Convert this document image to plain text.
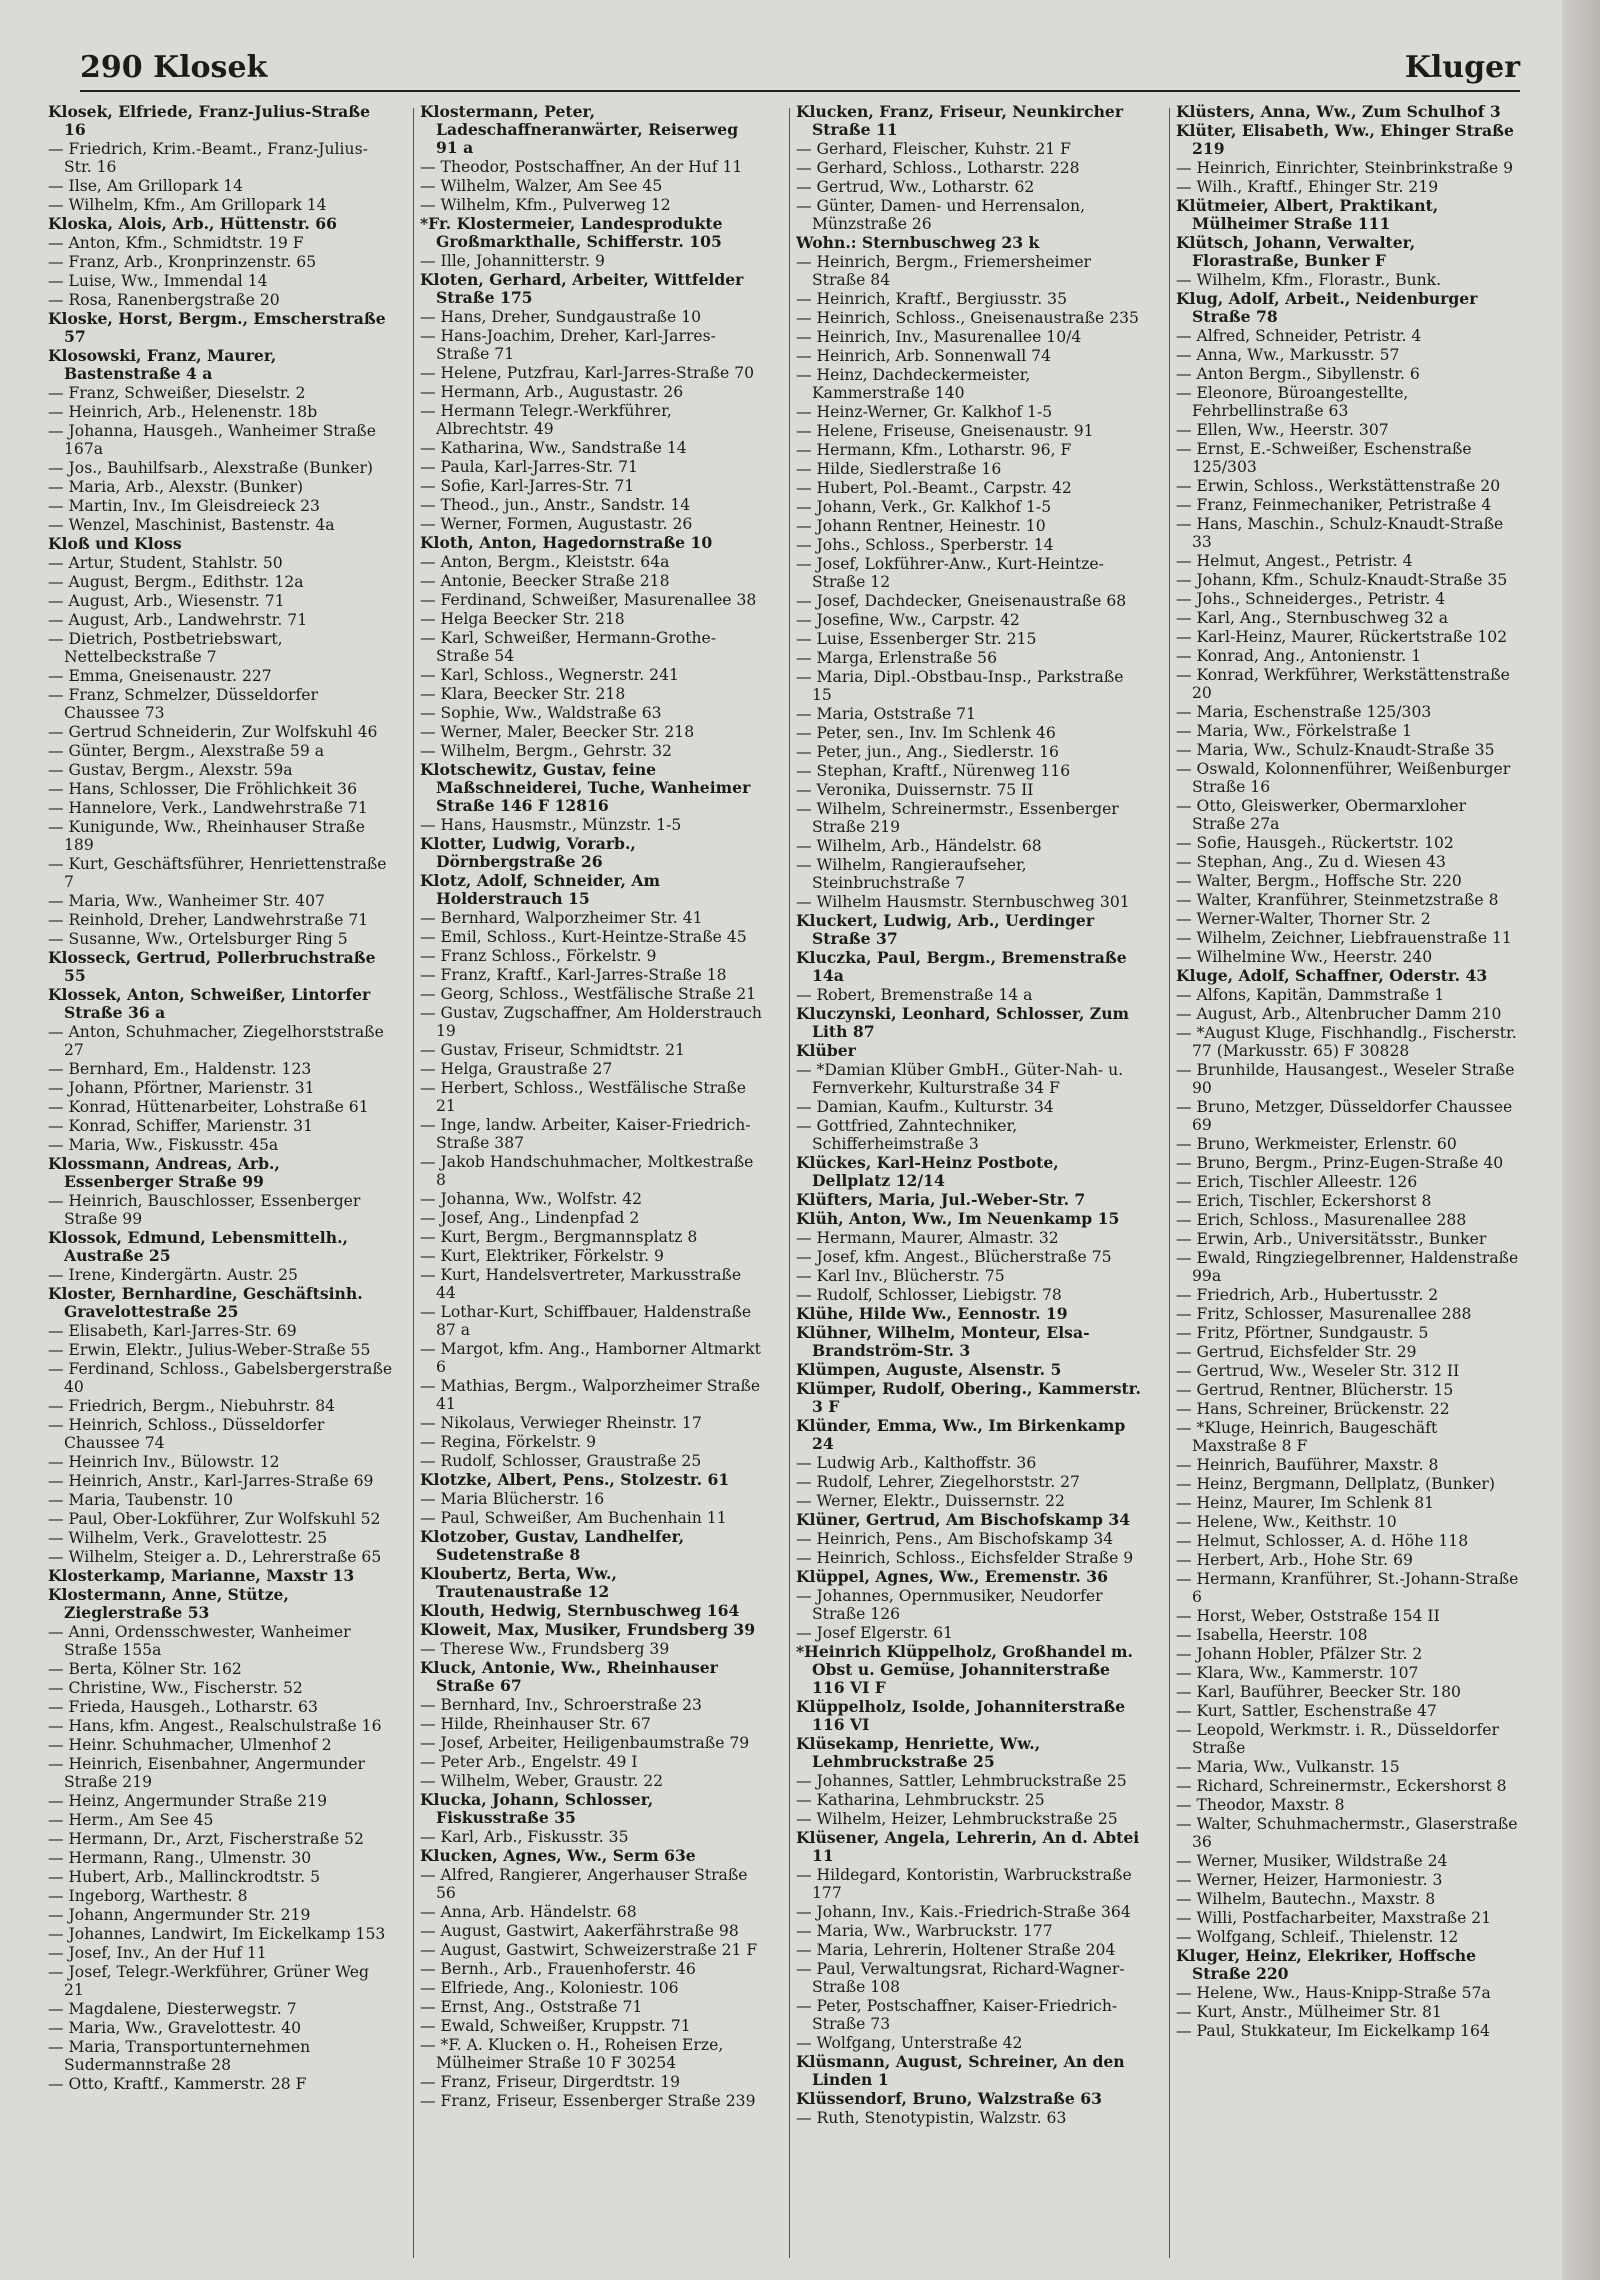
290 Klosek	Kluger
Klosek, Elfriede, Franz-Julius-Straße 16
— Friedrich, Krim.-Beamt., Franz-Julius-Str. 16
— Ilse, Am Grillopark 14
— Wilhelm, Kfm., Am Grillopark 14
Kloska, Alois, Arb., Hüttenstr. 66
— Anton, Kfm., Schmidtstr. 19 F
— Franz, Arb., Kronprinzenstr. 65
— Luise, Ww., Immendal 14
— Rosa, Ranenbergstraße 20
Kloske, Horst, Bergm., Emscherstraße 57
Klosowski, Franz, Maurer, Bastenstraße 4 a
— Franz, Schweißer, Dieselstr. 2
— Heinrich, Arb., Helenenstr. 18b
— Johanna, Hausgeh., Wanheimer Straße 167a
— Jos., Bauhilfsarb., Alexstraße (Bunker)
— Maria, Arb., Alexstr. (Bunker)
— Martin, Inv., Im Gleisdreieck 23
— Wenzel, Maschinist, Bastenstr. 4a
Kloß und Kloss
— Artur, Student, Stahlstr. 50
— August, Bergm., Edithstr. 12a
— August, Arb., Wiesenstr. 71
— August, Arb., Landwehrstr. 71
— Dietrich, Postbetriebswart, Nettelbeckstraße 7
— Emma, Gneisenaustr. 227
— Franz, Schmelzer, Düsseldorfer Chaussee 73
— Gertrud Schneiderin, Zur Wolfskuhl 46
— Günter, Bergm., Alexstraße 59 a
— Gustav, Bergm., Alexstr. 59a
— Hans, Schlosser, Die Fröhlichkeit 36
— Hannelore, Verk., Landwehrstraße 71
— Kunigunde, Ww., Rheinhauser Straße 189
— Kurt, Geschäftsführer, Henriettenstraße 7
— Maria, Ww., Wanheimer Str. 407
— Reinhold, Dreher, Landwehrstraße 71
— Susanne, Ww., Ortelsburger Ring 5
Klosseck, Gertrud, Pollerbruchstraße 55
Klossek, Anton, Schweißer, Lintorfer Straße 36 a
— Anton, Schuhmacher, Ziegelhorststraße 27
— Bernhard, Em., Haldenstr. 123
— Johann, Pförtner, Marienstr. 31
— Konrad, Hüttenarbeiter, Lohstraße 61
— Konrad, Schiffer, Marienstr. 31
— Maria, Ww., Fiskusstr. 45a
Klossmann, Andreas, Arb., Essenberger Straße 99
— Heinrich, Bauschlosser, Essenberger Straße 99
Klossok, Edmund, Lebensmittelh., Austraße 25
— Irene, Kindergärtn. Austr. 25
Kloster, Bernhardine, Geschäftsinh. Gravelottestraße 25
— Elisabeth, Karl-Jarres-Str. 69
— Erwin, Elektr., Julius-Weber-Straße 55
— Ferdinand, Schloss., Gabelsbergerstraße 40
— Friedrich, Bergm., Niebuhrstr. 84
— Heinrich, Schloss., Düsseldorfer Chaussee 74
— Heinrich Inv., Bülowstr. 12
— Heinrich, Anstr., Karl-Jarres-Straße 69
— Maria, Taubenstr. 10
— Paul, Ober-Lokführer, Zur Wolfskuhl 52
— Wilhelm, Verk., Gravelottestr. 25
— Wilhelm, Steiger a. D., Lehrerstraße 65
Klosterkamp, Marianne, Maxstr 13
Klostermann, Anne, Stütze, Zieglerstraße 53
— Anni, Ordensschwester, Wanheimer Straße 155a
— Berta, Kölner Str. 162
— Christine, Ww., Fischerstr. 52
— Frieda, Hausgeh., Lotharstr. 63
— Hans, kfm. Angest., Realschulstraße 16
— Heinr. Schuhmacher, Ulmenhof 2
— Heinrich, Eisenbahner, Angermunder Straße 219
— Heinz, Angermunder Straße 219
— Herm., Am See 45
— Hermann, Dr., Arzt, Fischerstraße 52
— Hermann, Rang., Ulmenstr. 30
— Hubert, Arb., Mallinckrodtstr. 5
— Ingeborg, Warthestr. 8
— Johann, Angermunder Str. 219
— Johannes, Landwirt, Im Eickelkamp 153
— Josef, Inv., An der Huf 11
— Josef, Telegr.-Werkführer, Grüner Weg 21
— Magdalene, Diesterwegstr. 7
— Maria, Ww., Gravelottestr. 40
— Maria, Transportunternehmen Sudermannstraße 28
— Otto, Kraftf., Kammerstr. 28 F
Klostermann, Peter, Ladeschaffneranwärter, Reiserweg 91 a
— Theodor, Postschaffner, An der Huf 11
— Wilhelm, Walzer, Am See 45
— Wilhelm, Kfm., Pulverweg 12
*Fr. Klostermeier, Landesprodukte Großmarkthalle, Schifferstr. 105
— Ille, Johannitterstr. 9
Kloten, Gerhard, Arbeiter, Wittfelder Straße 175
— Hans, Dreher, Sundgaustraße 10
— Hans-Joachim, Dreher, Karl-Jarres-Straße 71
— Helene, Putzfrau, Karl-Jarres-Straße 70
— Hermann, Arb., Augustastr. 26
— Hermann Telegr.-Werkführer, Albrechtstr. 49
— Katharina, Ww., Sandstraße 14
— Paula, Karl-Jarres-Str. 71
— Sofie, Karl-Jarres-Str. 71
— Theod., jun., Anstr., Sandstr. 14
— Werner, Formen, Augustastr. 26
Kloth, Anton, Hagedornstraße 10
— Anton, Bergm., Kleiststr. 64a
— Antonie, Beecker Straße 218
— Ferdinand, Schweißer, Masurenallee 38
— Helga Beecker Str. 218
— Karl, Schweißer, Hermann-Grothe-Straße 54
— Karl, Schloss., Wegnerstr. 241
— Klara, Beecker Str. 218
— Sophie, Ww., Waldstraße 63
— Werner, Maler, Beecker Str. 218
— Wilhelm, Bergm., Gehrstr. 32
Klotschewitz, Gustav, feine Maßschneiderei, Tuche, Wanheimer Straße 146 F 12816
— Hans, Hausmstr., Münzstr. 1-5
Klotter, Ludwig, Vorarb., Dörnbergstraße 26
Klotz, Adolf, Schneider, Am Holderstrauch 15
— Bernhard, Walporzheimer Str. 41
— Emil, Schloss., Kurt-Heintze-Straße 45
— Franz Schloss., Förkelstr. 9
— Franz, Kraftf., Karl-Jarres-Straße 18
— Georg, Schloss., Westfälische Straße 21
— Gustav, Zugschaffner, Am Holderstrauch 19
— Gustav, Friseur, Schmidtstr. 21
— Helga, Graustraße 27
— Herbert, Schloss., Westfälische Straße 21
— Inge, landw. Arbeiter, Kaiser-Friedrich-Straße 387
— Jakob Handschuhmacher, Moltkestraße 8
— Johanna, Ww., Wolfstr. 42
— Josef, Ang., Lindenpfad 2
— Kurt, Bergm., Bergmannsplatz 8
— Kurt, Elektriker, Förkelstr. 9
— Kurt, Handelsvertreter, Markusstraße 44
— Lothar-Kurt, Schiffbauer, Haldenstraße 87 a
— Margot, kfm. Ang., Hamborner Altmarkt 6
— Mathias, Bergm., Walporzheimer Straße 41
— Nikolaus, Verwieger Rheinstr. 17
— Regina, Förkelstr. 9
— Rudolf, Schlosser, Graustraße 25
Klotzke, Albert, Pens., Stolzestr. 61
— Maria Blücherstr. 16
— Paul, Schweißer, Am Buchenhain 11
Klotzober, Gustav, Landhelfer, Sudetenstraße 8
Kloubertz, Berta, Ww., Trautenaustraße 12
Klouth, Hedwig, Sternbuschweg 164
Kloweit, Max, Musiker, Frundsberg 39
— Therese Ww., Frundsberg 39
Kluck, Antonie, Ww., Rheinhauser Straße 67
— Bernhard, Inv., Schroerstraße 23
— Hilde, Rheinhauser Str. 67
— Josef, Arbeiter, Heiligenbaumstraße 79
— Peter Arb., Engelstr. 49 I
— Wilhelm, Weber, Graustr. 22
Klucka, Johann, Schlosser, Fiskusstraße 35
— Karl, Arb., Fiskusstr. 35
Klucken, Agnes, Ww., Serm 63e
— Alfred, Rangierer, Angerhauser Straße 56
— Anna, Arb. Händelstr. 68
— August, Gastwirt, Aakerfährstraße 98
— August, Gastwirt, Schweizerstraße 21 F
— Bernh., Arb., Frauenhoferstr. 46
— Elfriede, Ang., Koloniestr. 106
— Ernst, Ang., Oststraße 71
— Ewald, Schweißer, Kruppstr. 71
— *F. A. Klucken o. H., Roheisen Erze, Mülheimer Straße 10 F 30254
— Franz, Friseur, Dirgerdtstr. 19
— Franz, Friseur, Essenberger Straße 239
Klucken, Franz, Friseur, Neunkircher Straße 11
— Gerhard, Fleischer, Kuhstr. 21 F
— Gerhard, Schloss., Lotharstr. 228
— Gertrud, Ww., Lotharstr. 62
— Günter, Damen- und Herrensalon, Münzstraße 26
Wohn.: Sternbuschweg 23 k
— Heinrich, Bergm., Friemersheimer Straße 84
— Heinrich, Kraftf., Bergiusstr. 35
— Heinrich, Schloss., Gneisenaustraße 235
— Heinrich, Inv., Masurenallee 10/4
— Heinrich, Arb. Sonnenwall 74
— Heinz, Dachdeckermeister, Kammerstraße 140
— Heinz-Werner, Gr. Kalkhof 1-5
— Helene, Friseuse, Gneisenaustr. 91
— Hermann, Kfm., Lotharstr. 96, F
— Hilde, Siedlerstraße 16
— Hubert, Pol.-Beamt., Carpstr. 42
— Johann, Verk., Gr. Kalkhof 1-5
— Johann Rentner, Heinestr. 10
— Johs., Schloss., Sperberstr. 14
— Josef, Lokführer-Anw., Kurt-Heintze-Straße 12
— Josef, Dachdecker, Gneisenaustraße 68
— Josefine, Ww., Carpstr. 42
— Luise, Essenberger Str. 215
— Marga, Erlenstraße 56
— Maria, Dipl.-Obstbau-Insp., Parkstraße 15
— Maria, Oststraße 71
— Peter, sen., Inv. Im Schlenk 46
— Peter, jun., Ang., Siedlerstr. 16
— Stephan, Kraftf., Nürenweg 116
— Veronika, Duissernstr. 75 II
— Wilhelm, Schreinermstr., Essenberger Straße 219
— Wilhelm, Arb., Händelstr. 68
— Wilhelm, Rangieraufseher, Steinbruchstraße 7
— Wilhelm Hausmstr. Sternbuschweg 301
Kluckert, Ludwig, Arb., Uerdinger Straße 37
Kluczka, Paul, Bergm., Bremenstraße 14a
— Robert, Bremenstraße 14 a
Kluczynski, Leonhard, Schlosser, Zum Lith 87
Klüber
— *Damian Klüber GmbH., Güter-Nah- u. Fernverkehr, Kulturstraße 34 F
— Damian, Kaufm., Kulturstr. 34
— Gottfried, Zahntechniker, Schifferheimstraße 3
Klückes, Karl-Heinz Postbote, Dellplatz 12/14
Klüfters, Maria, Jul.-Weber-Str. 7
Klüh, Anton, Ww., Im Neuenkamp 15
— Hermann, Maurer, Almastr. 32
— Josef, kfm. Angest., Blücherstraße 75
— Karl Inv., Blücherstr. 75
— Rudolf, Schlosser, Liebigstr. 78
Klühe, Hilde Ww., Eennostr. 19
Klühner, Wilhelm, Monteur, Elsa-Brandström-Str. 3
Klümpen, Auguste, Alsenstr. 5
Klümper, Rudolf, Obering., Kammerstr. 3 F
Klünder, Emma, Ww., Im Birkenkamp 24
— Ludwig Arb., Kalthoffstr. 36
— Rudolf, Lehrer, Ziegelhorststr. 27
— Werner, Elektr., Duissernstr. 22
Klüner, Gertrud, Am Bischofskamp 34
— Heinrich, Pens., Am Bischofskamp 34
— Heinrich, Schloss., Eichsfelder Straße 9
Klüppel, Agnes, Ww., Eremenstr. 36
— Johannes, Opernmusiker, Neudorfer Straße 126
— Josef Elgerstr. 61
*Heinrich Klüppelholz, Großhandel m. Obst u. Gemüse, Johanniterstraße 116 VI F
Klüppelholz, Isolde, Johanniterstraße 116 VI
Klüsekamp, Henriette, Ww., Lehmbruckstraße 25
— Johannes, Sattler, Lehmbruckstraße 25
— Katharina, Lehmbruckstr. 25
— Wilhelm, Heizer, Lehmbruckstraße 25
Klüsener, Angela, Lehrerin, An d. Abtei 11
— Hildegard, Kontoristin, Warbruckstraße 177
— Johann, Inv., Kais.-Friedrich-Straße 364
— Maria, Ww., Warbruckstr. 177
— Maria, Lehrerin, Holtener Straße 204
— Paul, Verwaltungsrat, Richard-Wagner-Straße 108
— Peter, Postschaffner, Kaiser-Friedrich-Straße 73
— Wolfgang, Unterstraße 42
Klüsmann, August, Schreiner, An den Linden 1
Klüssendorf, Bruno, Walzstraße 63
— Ruth, Stenotypistin, Walzstr. 63
Klüsters, Anna, Ww., Zum Schulhof 3
Klüter, Elisabeth, Ww., Ehinger Straße 219
— Heinrich, Einrichter, Steinbrinkstraße 9
— Wilh., Kraftf., Ehinger Str. 219
Klütmeier, Albert, Praktikant, Mülheimer Straße 111
Klütsch, Johann, Verwalter, Florastraße, Bunker F
— Wilhelm, Kfm., Florastr., Bunk.
Klug, Adolf, Arbeit., Neidenburger Straße 78
— Alfred, Schneider, Petristr. 4
— Anna, Ww., Markusstr. 57
— Anton Bergm., Sibyllenstr. 6
— Eleonore, Büroangestellte, Fehrbellinstraße 63
— Ellen, Ww., Heerstr. 307
— Ernst, E.-Schweißer, Eschenstraße 125/303
— Erwin, Schloss., Werkstättenstraße 20
— Franz, Feinmechaniker, Petristraße 4
— Hans, Maschin., Schulz-Knaudt-Straße 33
— Helmut, Angest., Petristr. 4
— Johann, Kfm., Schulz-Knaudt-Straße 35
— Johs., Schneiderges., Petristr. 4
— Karl, Ang., Sternbuschweg 32 a
— Karl-Heinz, Maurer, Rückertstraße 102
— Konrad, Ang., Antonienstr. 1
— Konrad, Werkführer, Werkstättenstraße 20
— Maria, Eschenstraße 125/303
— Maria, Ww., Förkelstraße 1
— Maria, Ww., Schulz-Knaudt-Straße 35
— Oswald, Kolonnenführer, Weißenburger Straße 16
— Otto, Gleiswerker, Obermarxloher Straße 27a
— Sofie, Hausgeh., Rückertstr. 102
— Stephan, Ang., Zu d. Wiesen 43
— Walter, Bergm., Hoffsche Str. 220
— Walter, Kranführer, Steinmetzstraße 8
— Werner-Walter, Thorner Str. 2
— Wilhelm, Zeichner, Liebfrauenstraße 11
— Wilhelmine Ww., Heerstr. 240
Kluge, Adolf, Schaffner, Oderstr. 43
— Alfons, Kapitän, Dammstraße 1
— August, Arb., Altenbrucher Damm 210
— *August Kluge, Fischhandlg., Fischerstr. 77 (Markusstr. 65) F 30828
— Brunhilde, Hausangest., Weseler Straße 90
— Bruno, Metzger, Düsseldorfer Chaussee 69
— Bruno, Werkmeister, Erlenstr. 60
— Bruno, Bergm., Prinz-Eugen-Straße 40
— Erich, Tischler Alleestr. 126
— Erich, Tischler, Eckershorst 8
— Erich, Schloss., Masurenallee 288
— Erwin, Arb., Universitätsstr., Bunker
— Ewald, Ringziegelbrenner, Haldenstraße 99a
— Friedrich, Arb., Hubertusstr. 2
— Fritz, Schlosser, Masurenallee 288
— Fritz, Pförtner, Sundgaustr. 5
— Gertrud, Eichsfelder Str. 29
— Gertrud, Ww., Weseler Str. 312 II
— Gertrud, Rentner, Blücherstr. 15
— Hans, Schreiner, Brückenstr. 22
— *Kluge, Heinrich, Baugeschäft Maxstraße 8 F
— Heinrich, Bauführer, Maxstr. 8
— Heinz, Bergmann, Dellplatz, (Bunker)
— Heinz, Maurer, Im Schlenk 81
— Helene, Ww., Keithstr. 10
— Helmut, Schlosser, A. d. Höhe 118
— Herbert, Arb., Hohe Str. 69
— Hermann, Kranführer, St.-Johann-Straße 6
— Horst, Weber, Oststraße 154 II
— Isabella, Heerstr. 108
— Johann Hobler, Pfälzer Str. 2
— Klara, Ww., Kammerstr. 107
— Karl, Bauführer, Beecker Str. 180
— Kurt, Sattler, Eschenstraße 47
— Leopold, Werkmstr. i. R., Düsseldorfer Straße
— Maria, Ww., Vulkanstr. 15
— Richard, Schreinermstr., Eckershorst 8
— Theodor, Maxstr. 8
— Walter, Schuhmachermstr., Glaserstraße 36
— Werner, Musiker, Wildstraße 24
— Werner, Heizer, Harmoniestr. 3
— Wilhelm, Bautechn., Maxstr. 8
— Willi, Postfacharbeiter, Maxstraße 21
— Wolfgang, Schleif., Thielenstr. 12
Kluger, Heinz, Elekriker, Hoffsche Straße 220
— Helene, Ww., Haus-Knipp-Straße 57a
— Kurt, Anstr., Mülheimer Str. 81
— Paul, Stukkateur, Im Eickelkamp 164
